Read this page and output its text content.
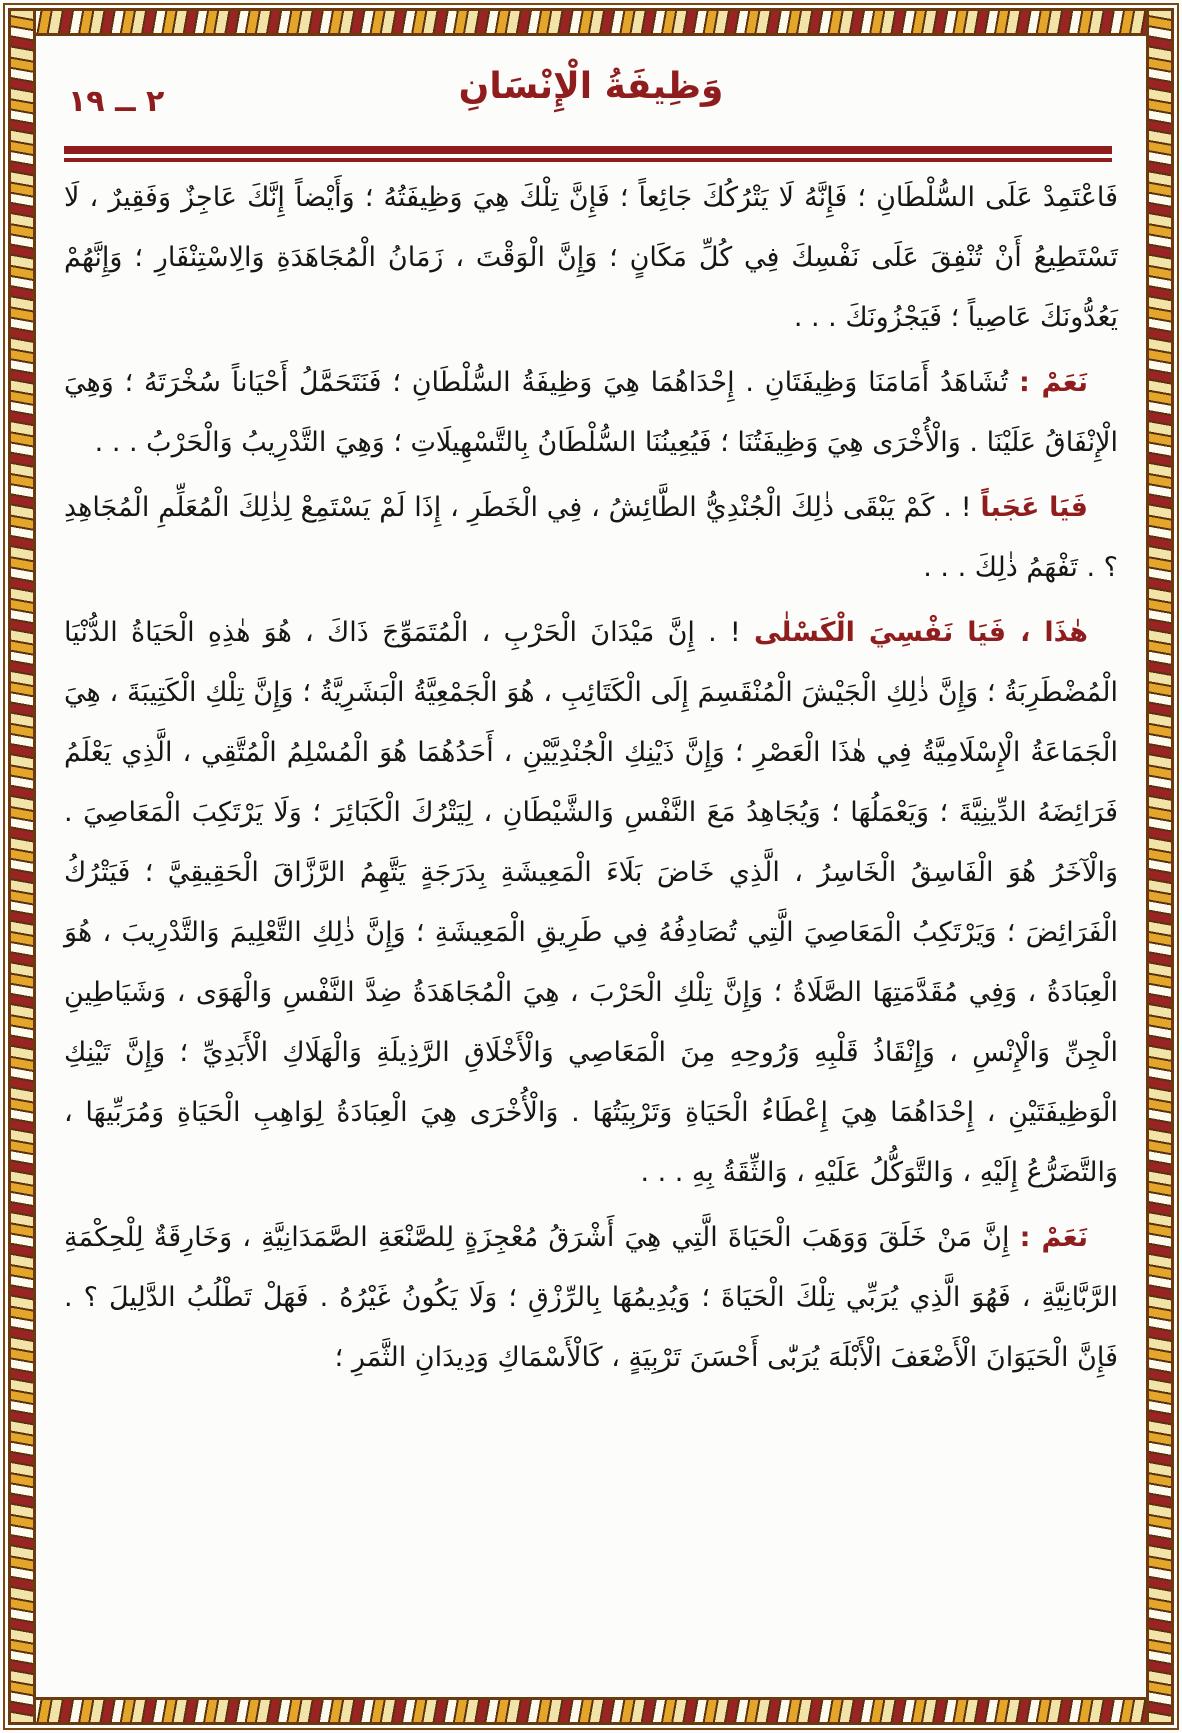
٢ ــ ١٩	وَظِيفَةُ الْإِنْسَانِ

فَاعْتَمِدْ عَلَى السُّلْطَانِ ؛ فَإِنَّهُ لَا يَتْرُكُكَ جَائِعاً ؛ فَإِنَّ تِلْكَ هِيَ وَظِيفَتُهُ ؛ وَأَيْضاً إِنَّكَ عَاجِزٌ وَفَقِيرٌ ، لَا تَسْتَطِيعُ أَنْ تُنْفِقَ عَلَى نَفْسِكَ فِي كُلِّ مَكَانٍ ؛ وَإِنَّ الْوَقْتَ ، زَمَانُ الْمُجَاهَدَةِ وَالِاسْتِنْفَارِ ؛ وَإِنَّهُمْ يَعُدُّونَكَ عَاصِياً ؛ فَيَجْزُونَكَ . . .

نَعَمْ : تُشَاهَدُ أَمَامَنَا وَظِيفَتَانِ . إِحْدَاهُمَا هِيَ وَظِيفَةُ السُّلْطَانِ ؛ فَنَتَحَمَّلُ أَحْيَاناً سُخْرَتَهُ ؛ وَهِيَ الْإِنْفَاقُ عَلَيْنَا . وَالْأُخْرَى هِيَ وَظِيفَتُنَا ؛ فَيُعِينُنَا السُّلْطَانُ بِالتَّسْهِيلَاتِ ؛ وَهِيَ التَّدْرِيبُ وَالْحَرْبُ . . .

فَيَا عَجَباً ! . كَمْ يَبْقَى ذٰلِكَ الْجُنْدِيُّ الطَّائِشُ ، فِي الْخَطَرِ ، إِذَا لَمْ يَسْتَمِعْ لِذٰلِكَ الْمُعَلِّمِ الْمُجَاهِدِ ؟ . تَفْهَمُ ذٰلِكَ . . .

هٰذَا ، فَيَا نَفْسِيَ الْكَسْلٰى ! . إِنَّ مَيْدَانَ الْحَرْبِ ، الْمُتَمَوِّجَ ذَاكَ ، هُوَ هٰذِهِ الْحَيَاةُ الدُّنْيَا الْمُضْطَرِبَةُ ؛ وَإِنَّ ذٰلِكِ الْجَيْشَ الْمُنْقَسِمَ إِلَى الْكَتَائِبِ ، هُوَ الْجَمْعِيَّةُ الْبَشَرِيَّةُ ؛ وَإِنَّ تِلْكِ الْكَتِيبَةَ ، هِيَ الْجَمَاعَةُ الْإِسْلَامِيَّةُ فِي هٰذَا الْعَصْرِ ؛ وَإِنَّ ذَيْنِكِ الْجُنْدِيَّيْنِ ، أَحَدُهُمَا هُوَ الْمُسْلِمُ الْمُتَّقِي ، الَّذِي يَعْلَمُ فَرَائِضَهُ الدِّينِيَّةَ ؛ وَيَعْمَلُهَا ؛ وَيُجَاهِدُ مَعَ النَّفْسِ وَالشَّيْطَانِ ، لِيَتْرُكَ الْكَبَائِرَ ؛ وَلَا يَرْتَكِبَ الْمَعَاصِيَ . وَالْآخَرُ هُوَ الْفَاسِقُ الْخَاسِرُ ، الَّذِي خَاضَ بَلَاءَ الْمَعِيشَةِ بِدَرَجَةٍ يَتَّهِمُ الرَّزَّاقَ الْحَقِيقِيَّ ؛ فَيَتْرُكُ الْفَرَائِضَ ؛ وَيَرْتَكِبُ الْمَعَاصِيَ الَّتِي تُصَادِفُهُ فِي طَرِيقِ الْمَعِيشَةِ ؛ وَإِنَّ ذٰلِكِ التَّعْلِيمَ وَالتَّدْرِيبَ ، هُوَ الْعِبَادَةُ ، وَفِي مُقَدَّمَتِهَا الصَّلَاةُ ؛ وَإِنَّ تِلْكِ الْحَرْبَ ، هِيَ الْمُجَاهَدَةُ ضِدَّ النَّفْسِ وَالْهَوَى ، وَشَيَاطِينِ الْجِنِّ وَالْإِنْسِ ، وَإِنْقَاذُ قَلْبِهِ وَرُوحِهِ مِنَ الْمَعَاصِي وَالْأَخْلَاقِ الرَّذِيلَةِ وَالْهَلَاكِ الْأَبَدِيِّ ؛ وَإِنَّ تَيْنِكِ الْوَظِيفَتَيْنِ ، إِحْدَاهُمَا هِيَ إِعْطَاءُ الْحَيَاةِ وَتَرْبِيَتُهَا . وَالْأُخْرَى هِيَ الْعِبَادَةُ لِوَاهِبِ الْحَيَاةِ وَمُرَبِّيهَا ، وَالتَّضَرُّعُ إِلَيْهِ ، وَالتَّوَكُّلُ عَلَيْهِ ، وَالثِّقَةُ بِهِ . . .

نَعَمْ : إِنَّ مَنْ خَلَقَ وَوَهَبَ الْحَيَاةَ الَّتِي هِيَ أَشْرَقُ مُعْجِزَةٍ لِلصَّنْعَةِ الصَّمَدَانِيَّةِ ، وَخَارِقَةٌ لِلْحِكْمَةِ الرَّبَّانِيَّةِ ، فَهُوَ الَّذِي يُرَبِّي تِلْكَ الْحَيَاةَ ؛ وَيُدِيمُهَا بِالرِّزْقِ ؛ وَلَا يَكُونُ غَيْرُهُ . فَهَلْ تَطْلُبُ الدَّلِيلَ ؟ . فَإِنَّ الْحَيَوَانَ الْأَضْعَفَ الْأَبْلَهَ يُرَبّٰى أَحْسَنَ تَرْبِيَةٍ ، كَالْأَسْمَاكِ وَدِيدَانِ الثَّمَرِ ؛
